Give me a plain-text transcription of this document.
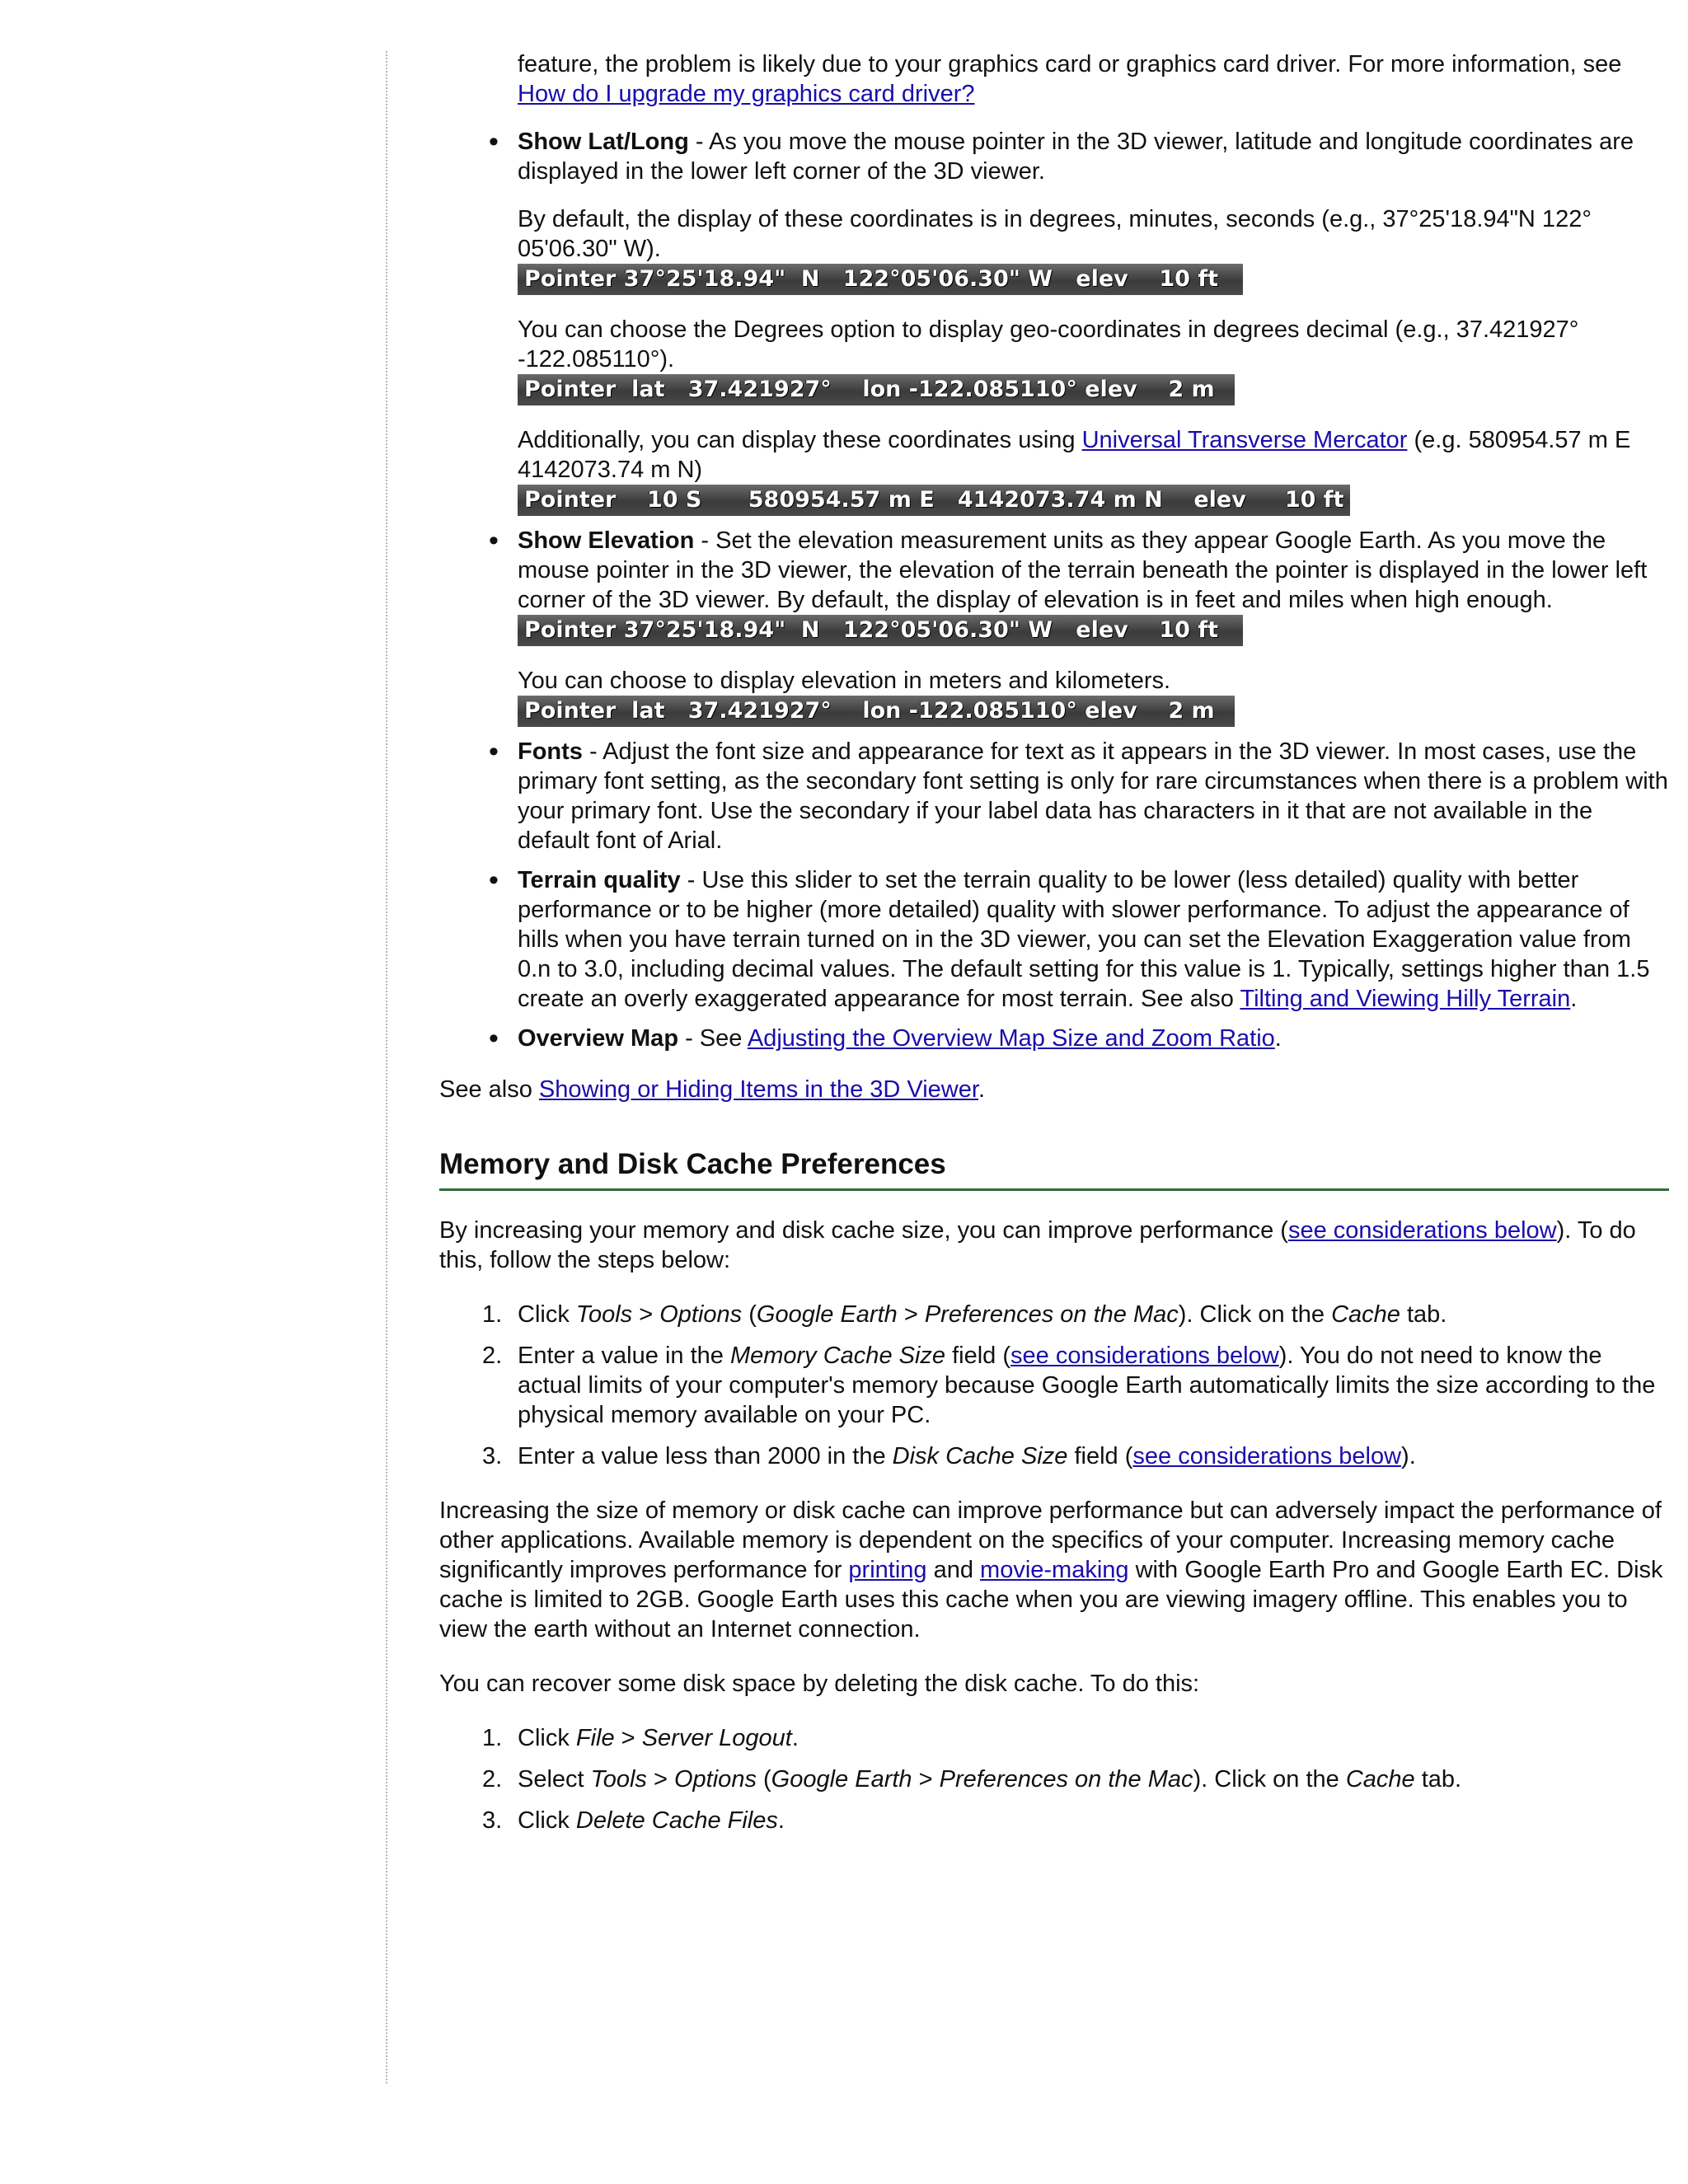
feature, the problem is likely due to your graphics card or graphics card driver. For more information, see How do I upgrade my graphics card driver?

• Show Lat/Long - As you move the mouse pointer in the 3D viewer, latitude and longitude coordinates are displayed in the lower left corner of the 3D viewer.

By default, the display of these coordinates is in degrees, minutes, seconds (e.g., 37°25'18.94"N 122° 05'06.30" W).

Pointer 37°25'18.94"  N   122°05'06.30" W   elev    10 ft

You can choose the Degrees option to display geo-coordinates in degrees decimal (e.g., 37.421927° -122.085110°).

Pointer  lat   37.421927°    lon -122.085110° elev    2 m

Additionally, you can display these coordinates using Universal Transverse Mercator (e.g. 580954.57 m E 4142073.74 m N)

Pointer    10 S      580954.57 m E   4142073.74 m N    elev     10 ft

• Show Elevation - Set the elevation measurement units as they appear Google Earth. As you move the mouse pointer in the 3D viewer, the elevation of the terrain beneath the pointer is displayed in the lower left corner of the 3D viewer. By default, the display of elevation is in feet and miles when high enough.

Pointer 37°25'18.94"  N   122°05'06.30" W   elev    10 ft

You can choose to display elevation in meters and kilometers.

Pointer  lat   37.421927°    lon -122.085110° elev    2 m

• Fonts - Adjust the font size and appearance for text as it appears in the 3D viewer. In most cases, use the primary font setting, as the secondary font setting is only for rare circumstances when there is a problem with your primary font. Use the secondary if your label data has characters in it that are not available in the default font of Arial.

• Terrain quality - Use this slider to set the terrain quality to be lower (less detailed) quality with better performance or to be higher (more detailed) quality with slower performance. To adjust the appearance of hills when you have terrain turned on in the 3D viewer, you can set the Elevation Exaggeration value from 0.n to 3.0, including decimal values. The default setting for this value is 1. Typically, settings higher than 1.5 create an overly exaggerated appearance for most terrain. See also Tilting and Viewing Hilly Terrain.

• Overview Map - See Adjusting the Overview Map Size and Zoom Ratio.

See also Showing or Hiding Items in the 3D Viewer.

Memory and Disk Cache Preferences

By increasing your memory and disk cache size, you can improve performance (see considerations below). To do this, follow the steps below:

1. Click Tools > Options (Google Earth > Preferences on the Mac). Click on the Cache tab.
2. Enter a value in the Memory Cache Size field (see considerations below). You do not need to know the actual limits of your computer's memory because Google Earth automatically limits the size according to the physical memory available on your PC.
3. Enter a value less than 2000 in the Disk Cache Size field (see considerations below).

Increasing the size of memory or disk cache can improve performance but can adversely impact the performance of other applications. Available memory is dependent on the specifics of your computer. Increasing memory cache significantly improves performance for printing and movie-making with Google Earth Pro and Google Earth EC. Disk cache is limited to 2GB. Google Earth uses this cache when you are viewing imagery offline. This enables you to view the earth without an Internet connection.

You can recover some disk space by deleting the disk cache. To do this:

1. Click File > Server Logout.
2. Select Tools > Options (Google Earth > Preferences on the Mac). Click on the Cache tab.
3. Click Delete Cache Files.
